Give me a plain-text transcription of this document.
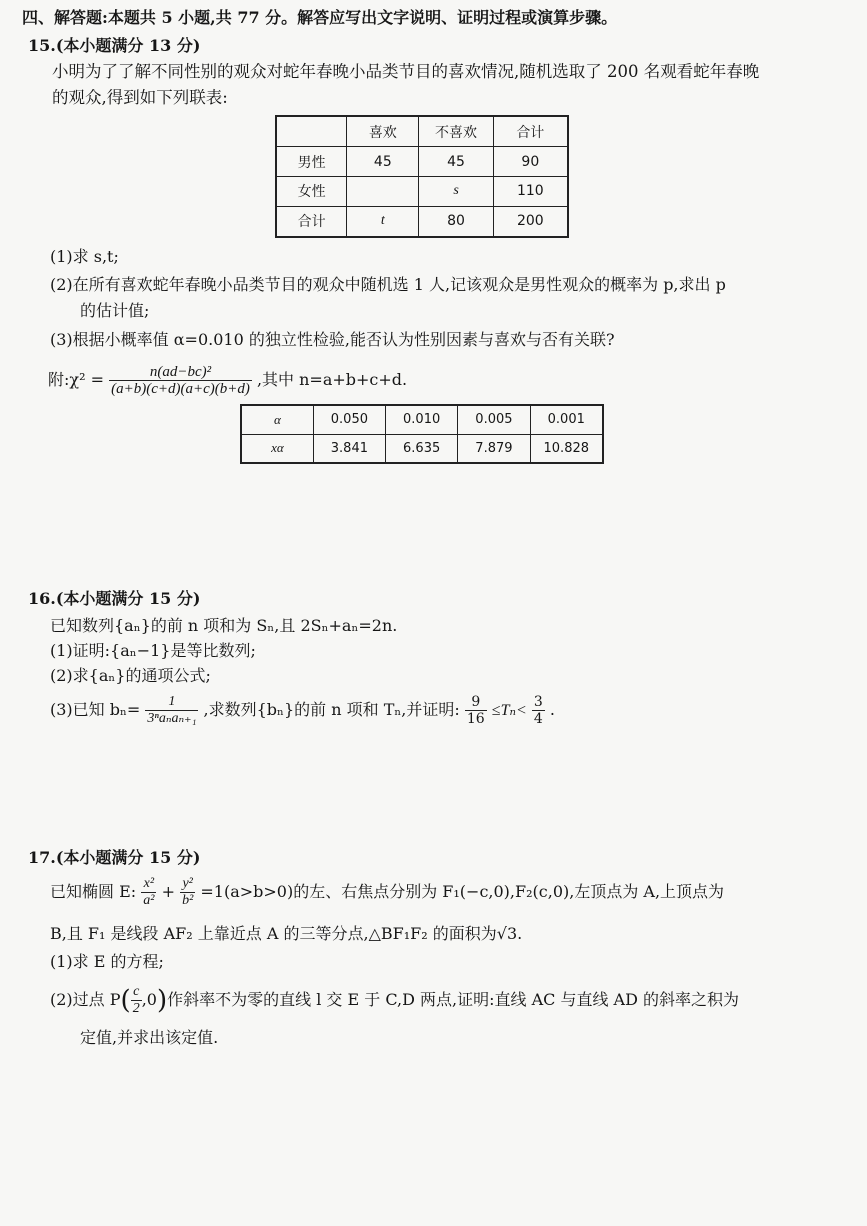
四、解答题:本题共 5 小题,共 77 分。解答应写出文字说明、证明过程或演算步骤。
15.(本小题满分 13 分)
小明为了了解不同性别的观众对蛇年春晚小品类节目的喜欢情况,随机选取了 200 名观看蛇年春晚
的观众,得到如下列联表:
	喜欢	不喜欢	合计
男性	45	45	90
女性		s	110
合计	t	80	200
(1)求 s,t;
(2)在所有喜欢蛇年春晚小品类节目的观众中随机选 1 人,记该观众是男性观众的概率为 p,求出 p
的估计值;
(3)根据小概率值 α=0.010 的独立性检验,能否认为性别因素与喜欢与否有关联?
附:χ² = $\frac{\text{n(ad−bc)²}}{(a+b)(c+d)(a+c)(b+d)}$ ,其中 n=a+b+c+d.
α	0.050	0.010	0.005	0.001
xα	3.841	6.635	7.879	10.828
16.(本小题满分 15 分)
已知数列{aₙ}的前 n 项和为 Sₙ,且 2Sₙ+aₙ=2n.
(1)证明:{aₙ−1}是等比数列;
(2)求{aₙ}的通项公式;
(3)已知 $b_n= \frac{1}{\text{3ⁿaₙaₙ₊₁}}$ ,求数列{bₙ}的前 n 项和 Tₙ,并证明: $\frac{9}{16} \le T_n< \frac{3}{4}$ .
17.(本小题满分 15 分)
已知椭圆 E: $\frac{\text{x²}}{\text{a²}} + \frac{\text{y²}}{\text{b²}} =1(a>b>0)$的左、右焦点分别为 F₁(−c,0),F₂(c,0),左顶点为 A,上顶点为
B,且 F₁ 是线段 AF₂ 上靠近点 A 的三等分点,△BF₁F₂ 的面积为√3.
(1)求 E 的方程;
(2)过点 $P( \frac{c}{2} ,0)$作斜率不为零的直线 l 交 E 于 C,D 两点,证明:直线 AC 与直线 AD 的斜率之积为
定值,并求出该定值.
